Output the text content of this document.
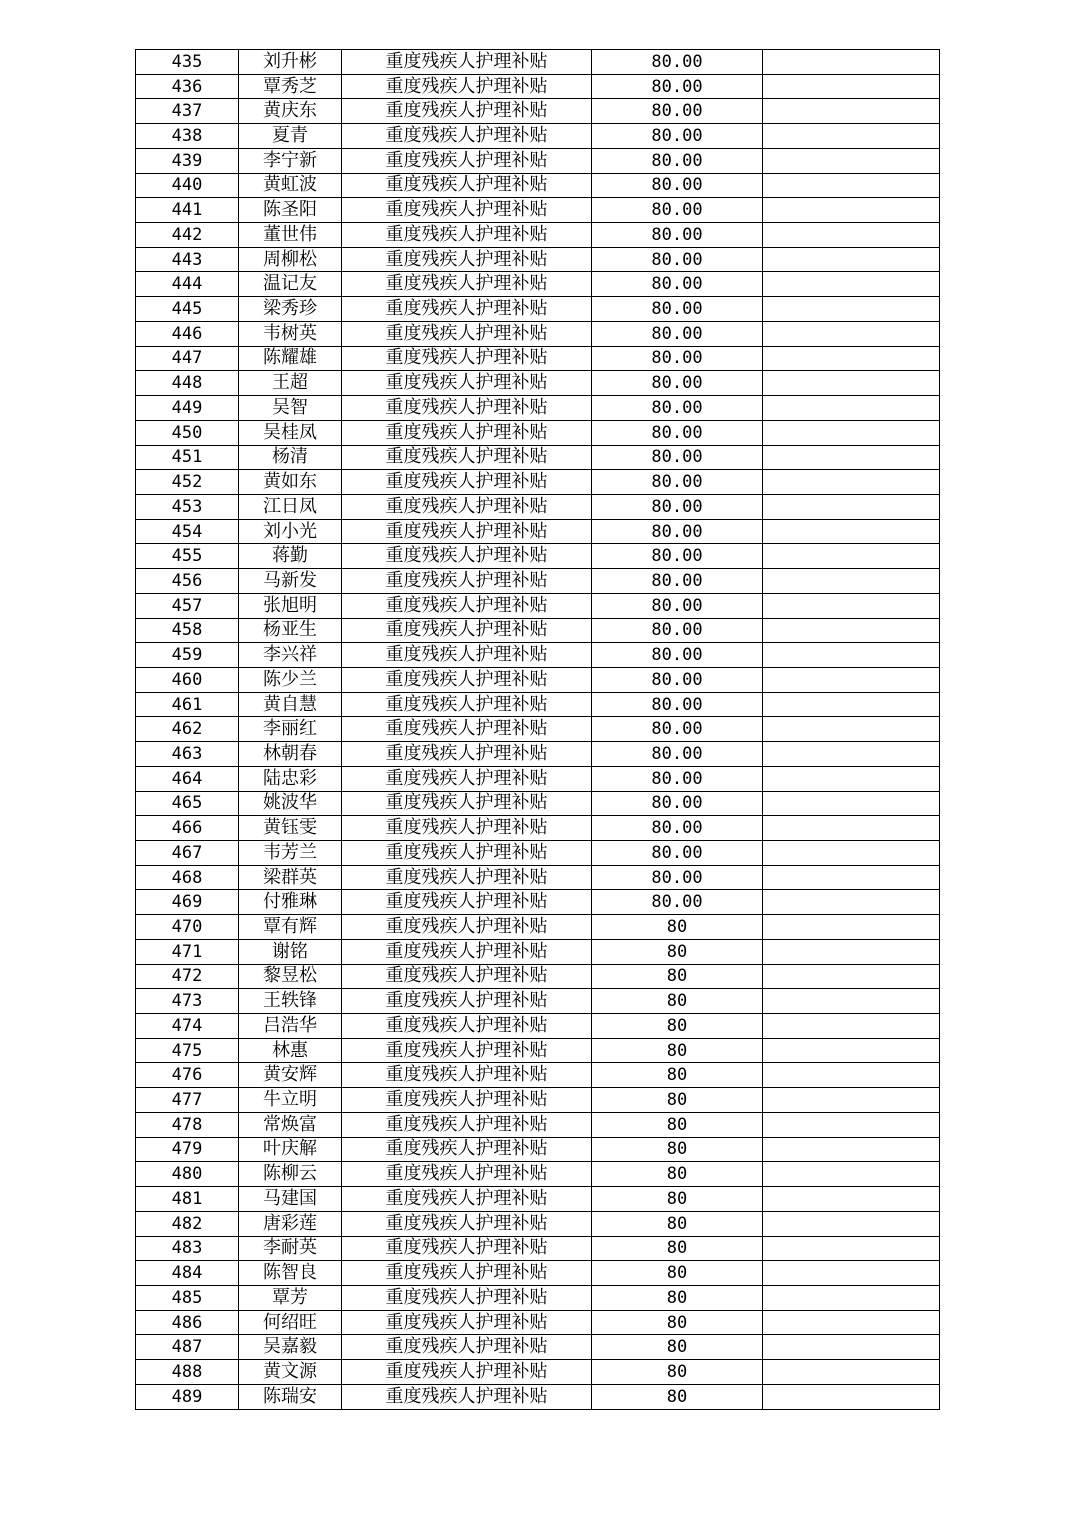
435	刘升彬	重度残疾人护理补贴	80.00	
436	覃秀芝	重度残疾人护理补贴	80.00	
437	黄庆东	重度残疾人护理补贴	80.00	
438	夏青	重度残疾人护理补贴	80.00	
439	李宁新	重度残疾人护理补贴	80.00	
440	黄虹波	重度残疾人护理补贴	80.00	
441	陈圣阳	重度残疾人护理补贴	80.00	
442	董世伟	重度残疾人护理补贴	80.00	
443	周柳松	重度残疾人护理补贴	80.00	
444	温记友	重度残疾人护理补贴	80.00	
445	梁秀珍	重度残疾人护理补贴	80.00	
446	韦树英	重度残疾人护理补贴	80.00	
447	陈耀雄	重度残疾人护理补贴	80.00	
448	王超	重度残疾人护理补贴	80.00	
449	吴智	重度残疾人护理补贴	80.00	
450	吴桂凤	重度残疾人护理补贴	80.00	
451	杨清	重度残疾人护理补贴	80.00	
452	黄如东	重度残疾人护理补贴	80.00	
453	江日凤	重度残疾人护理补贴	80.00	
454	刘小光	重度残疾人护理补贴	80.00	
455	蒋勤	重度残疾人护理补贴	80.00	
456	马新发	重度残疾人护理补贴	80.00	
457	张旭明	重度残疾人护理补贴	80.00	
458	杨亚生	重度残疾人护理补贴	80.00	
459	李兴祥	重度残疾人护理补贴	80.00	
460	陈少兰	重度残疾人护理补贴	80.00	
461	黄自慧	重度残疾人护理补贴	80.00	
462	李丽红	重度残疾人护理补贴	80.00	
463	林朝春	重度残疾人护理补贴	80.00	
464	陆忠彩	重度残疾人护理补贴	80.00	
465	姚波华	重度残疾人护理补贴	80.00	
466	黄钰雯	重度残疾人护理补贴	80.00	
467	韦芳兰	重度残疾人护理补贴	80.00	
468	梁群英	重度残疾人护理补贴	80.00	
469	付雅琳	重度残疾人护理补贴	80.00	
470	覃有辉	重度残疾人护理补贴	80	
471	谢铭	重度残疾人护理补贴	80	
472	黎昱松	重度残疾人护理补贴	80	
473	王轶锋	重度残疾人护理补贴	80	
474	吕浩华	重度残疾人护理补贴	80	
475	林惠	重度残疾人护理补贴	80	
476	黄安辉	重度残疾人护理补贴	80	
477	牛立明	重度残疾人护理补贴	80	
478	常焕富	重度残疾人护理补贴	80	
479	叶庆解	重度残疾人护理补贴	80	
480	陈柳云	重度残疾人护理补贴	80	
481	马建国	重度残疾人护理补贴	80	
482	唐彩莲	重度残疾人护理补贴	80	
483	李耐英	重度残疾人护理补贴	80	
484	陈智良	重度残疾人护理补贴	80	
485	覃芳	重度残疾人护理补贴	80	
486	何绍旺	重度残疾人护理补贴	80	
487	吴嘉毅	重度残疾人护理补贴	80	
488	黄文源	重度残疾人护理补贴	80	
489	陈瑞安	重度残疾人护理补贴	80	
